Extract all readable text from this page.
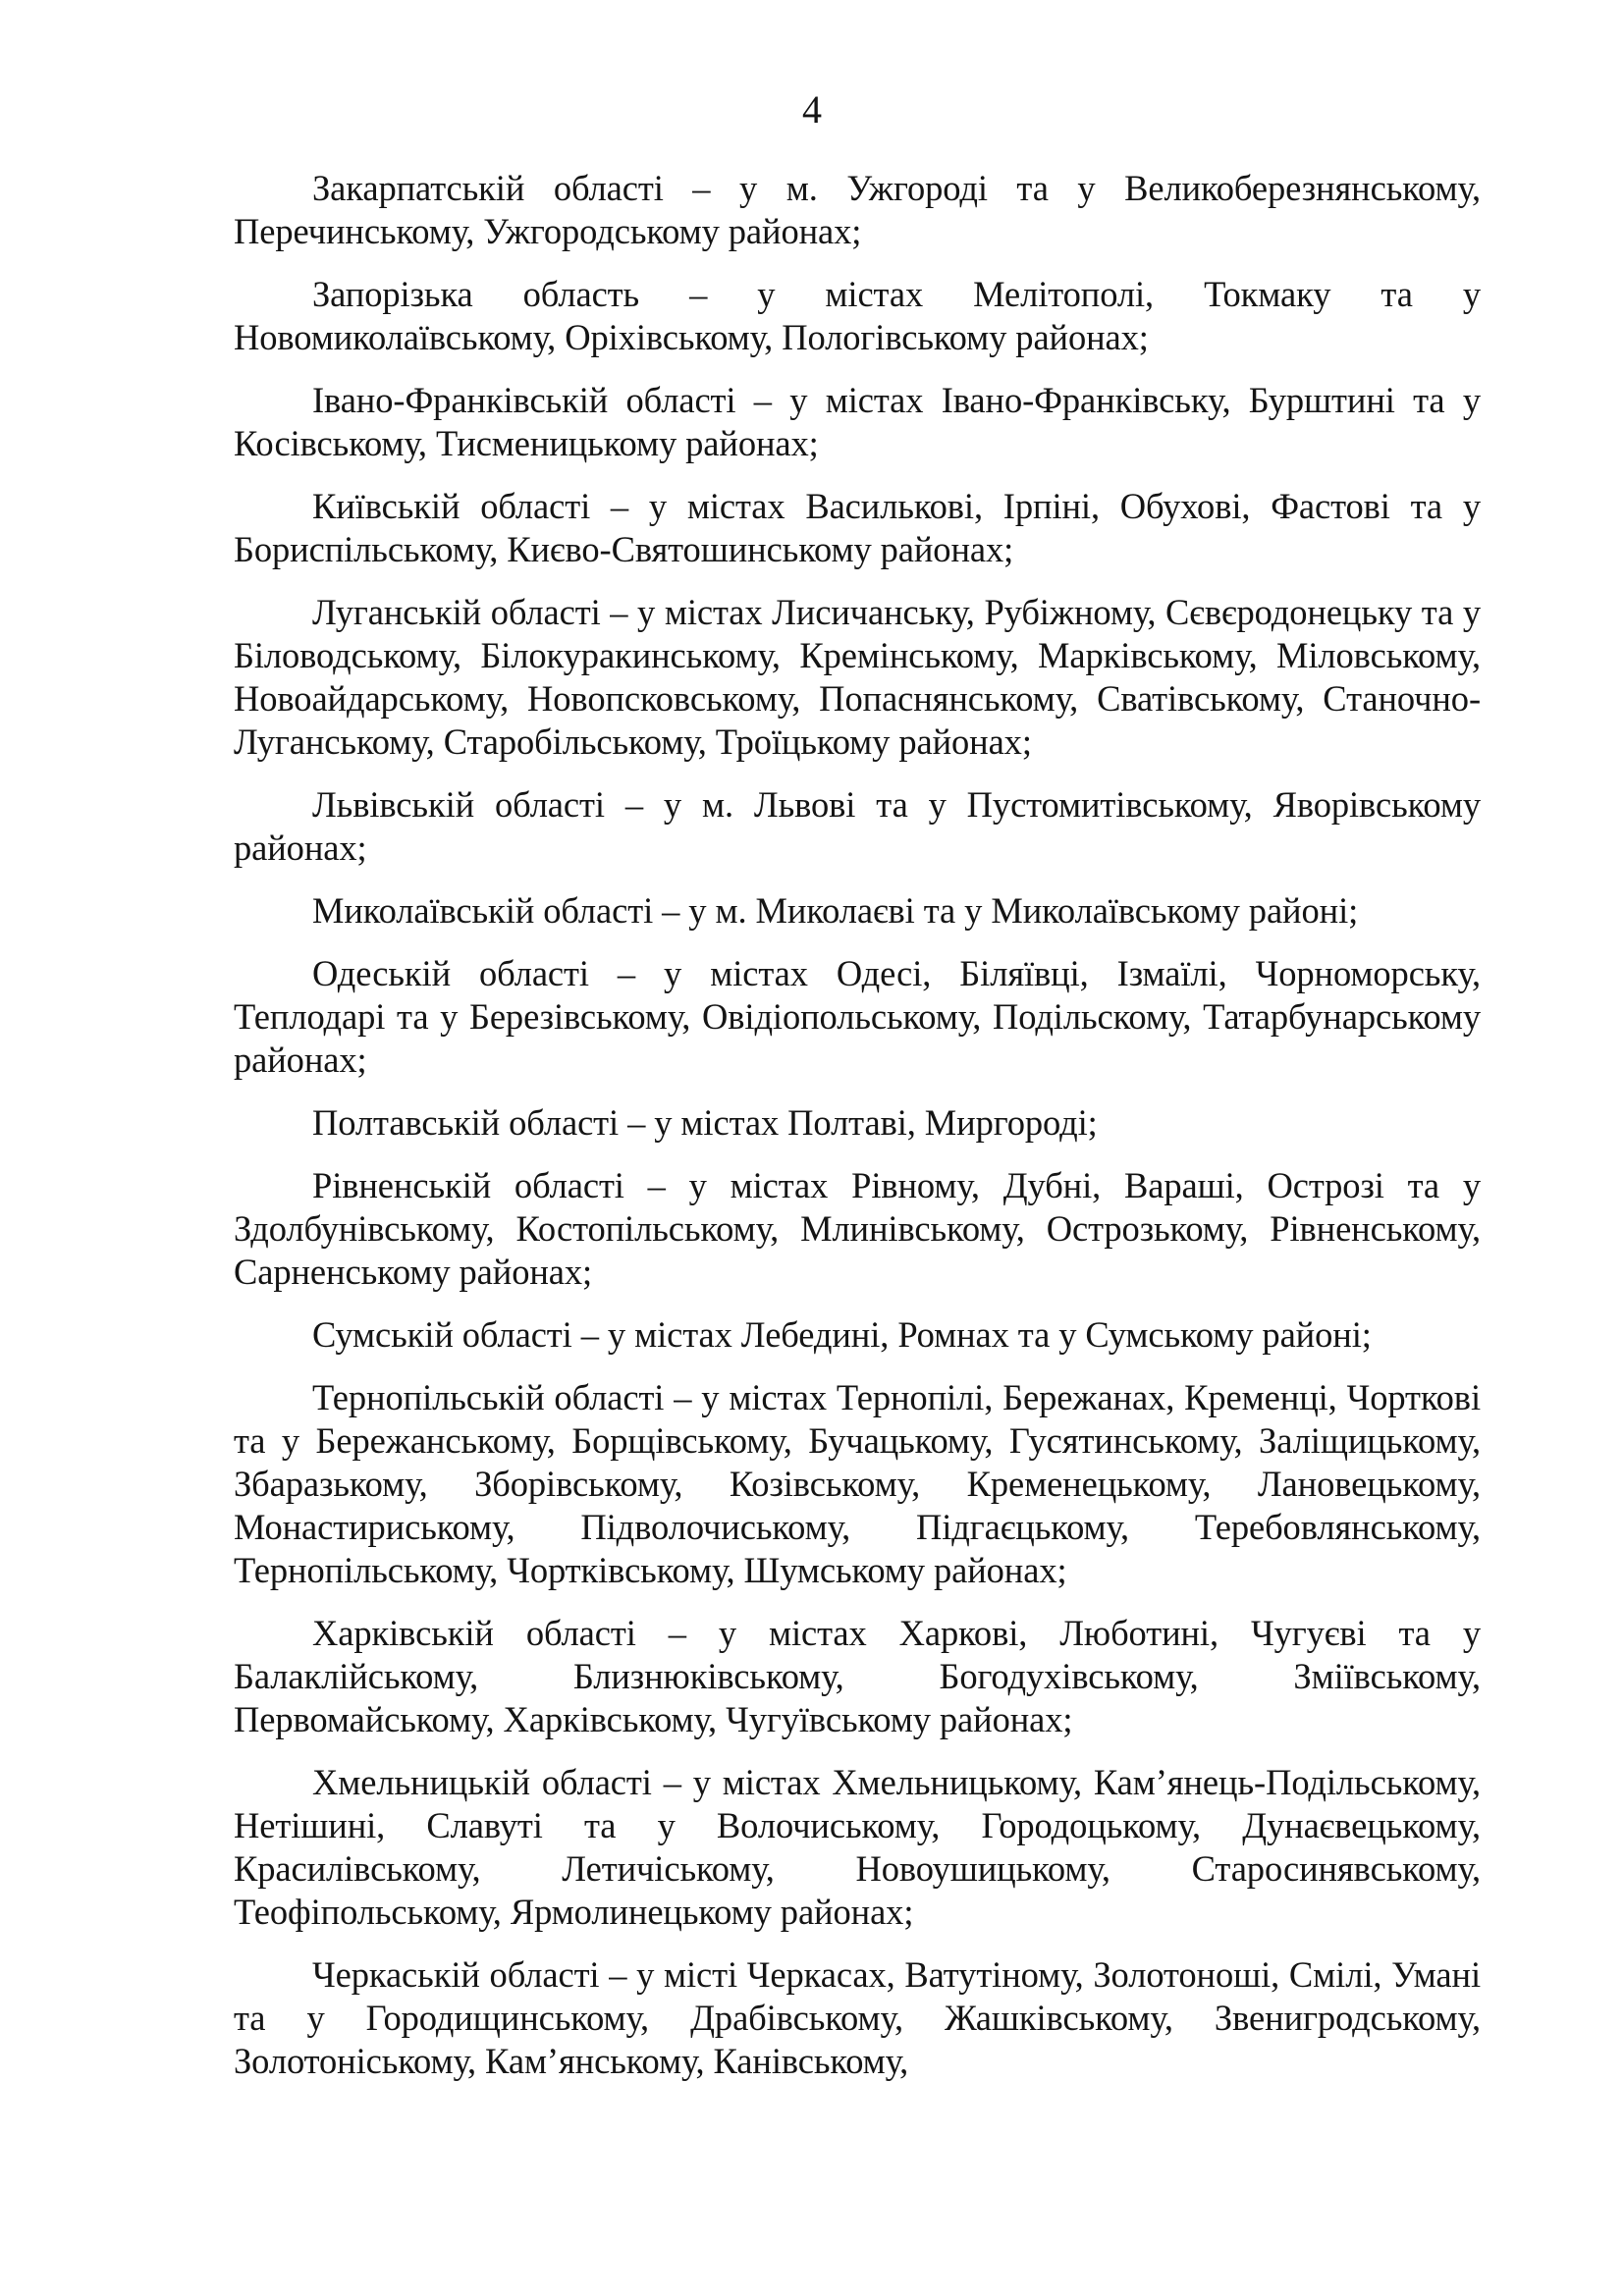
4

Закарпатській області – у м. Ужгороді та у Великоберезнянському, Перечинському, Ужгородському районах;

Запорізька область – у містах Мелітополі, Токмаку та у Новомиколаївському, Оріхівському, Пологівському районах;

Івано-Франківській області – у містах Івано-Франківську, Бурштині та у Косівському, Тисменицькому районах;

Київській області – у містах Василькові, Ірпіні, Обухові, Фастові та у Бориспільському, Києво-Святошинському районах;

Луганській області – у містах Лисичанську, Рубіжному, Сєвєродонецьку та у Біловодському, Білокуракинському, Кремінському, Марківському, Міловському, Новоайдарському, Новопсковському, Попаснянському, Сватівському, Станочно-Луганському, Старобільському, Троїцькому районах;

Львівській області – у м. Львові та у Пустомитівському, Яворівському районах;

Миколаївській області – у м. Миколаєві та у Миколаївському районі;

Одеській області – у містах Одесі, Біляївці, Ізмаїлі, Чорноморську, Теплодарі та у Березівському, Овідіопольському, Подільскому, Татарбунарському районах;

Полтавській області – у містах Полтаві, Миргороді;

Рівненській області – у містах Рівному, Дубні, Вараші, Острозі та у Здолбунівському, Костопільському, Млинівському, Острозькому, Рівненському, Сарненському районах;

Сумській області – у містах Лебедині, Ромнах та у Сумському районі;

Тернопільській області – у містах Тернопілі, Бережанах, Кременці, Чорткові та у Бережанському, Борщівському, Бучацькому, Гусятинському, Заліщицькому, Збаразькому, Зборівському, Козівському, Кременецькому, Лановецькому, Монастириському, Підволочиському, Підгаєцькому, Теребовлянському, Тернопільському, Чортківському, Шумському районах;

Харківській області – у містах Харкові, Люботині, Чугуєві та у Балаклійському, Близнюківському, Богодухівському, Зміївському, Первомайському, Харківському, Чугуївському районах;

Хмельницькій області – у містах Хмельницькому, Кам’янець-Подільському, Нетішині, Славуті та у Волочиському, Городоцькому, Дунаєвецькому, Красилівському, Летичіському, Новоушицькому, Старосинявському, Теофіпольському, Ярмолинецькому районах;

Черкаській області – у місті Черкасах, Ватутіному, Золотоноші, Смілі, Умані та у Городищинському, Драбівському, Жашківському, Звенигродському, Золотоніському, Кам’янському, Канівському,
